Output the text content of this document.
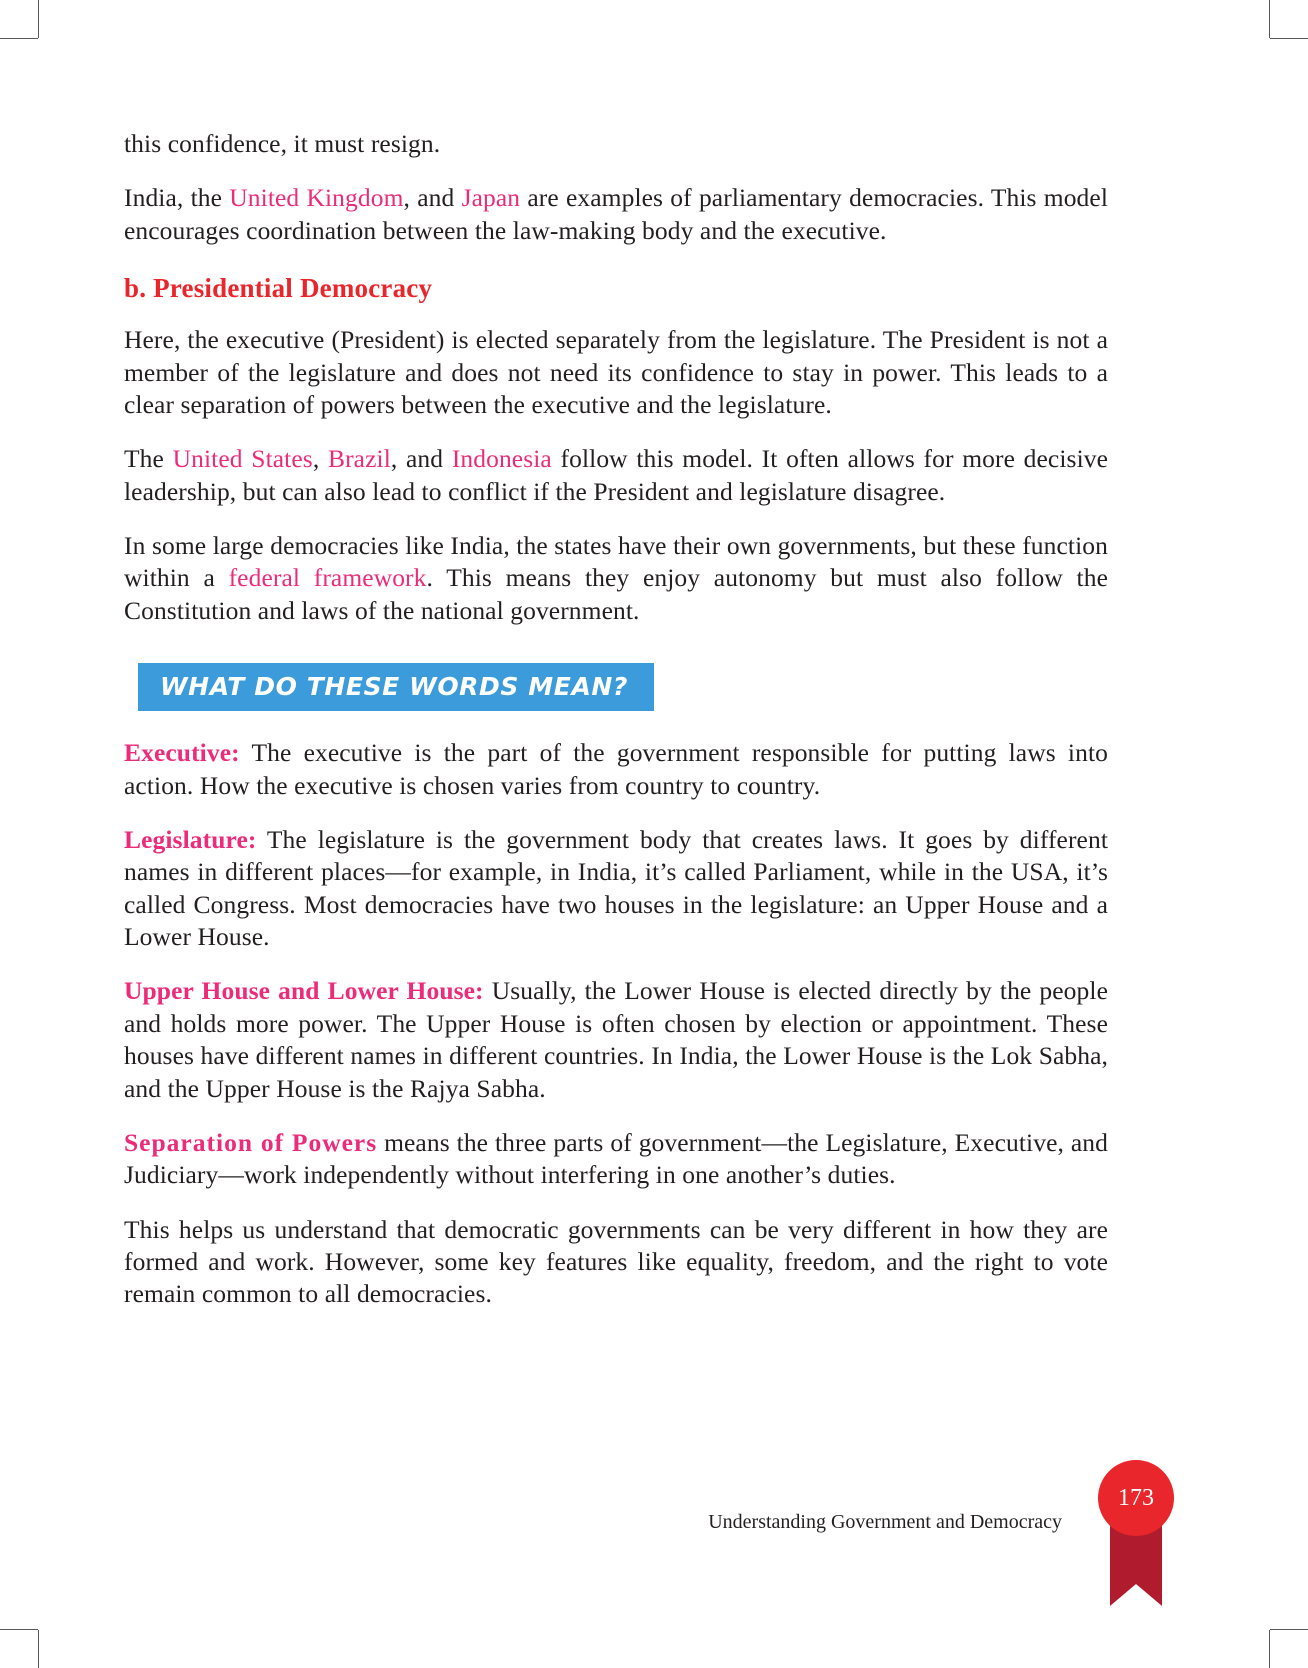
this confidence, it must resign.

India, the United Kingdom, and Japan are examples of parliamentary democracies. This model encourages coordination between the law-making body and the executive.

b. Presidential Democracy

Here, the executive (President) is elected separately from the legislature. The President is not a member of the legislature and does not need its confidence to stay in power. This leads to a clear separation of powers between the executive and the legislature.

The United States, Brazil, and Indonesia follow this model. It often allows for more decisive leadership, but can also lead to conflict if the President and legislature disagree.

In some large democracies like India, the states have their own governments, but these function within a federal framework. This means they enjoy autonomy but must also follow the Constitution and laws of the national government.

WHAT DO THESE WORDS MEAN?

Executive: The executive is the part of the government responsible for putting laws into action. How the executive is chosen varies from country to country.

Legislature: The legislature is the government body that creates laws. It goes by different names in different places—for example, in India, it’s called Parliament, while in the USA, it’s called Congress. Most democracies have two houses in the legislature: an Upper House and a Lower House.

Upper House and Lower House: Usually, the Lower House is elected directly by the people and holds more power. The Upper House is often chosen by election or appointment. These houses have different names in different countries. In India, the Lower House is the Lok Sabha, and the Upper House is the Rajya Sabha.

Separation of Powers means the three parts of government—the Legislature, Executive, and Judiciary—work independently without interfering in one another’s duties.

This helps us understand that democratic governments can be very different in how they are formed and work. However, some key features like equality, freedom, and the right to vote remain common to all democracies.

Understanding Government and Democracy
173
